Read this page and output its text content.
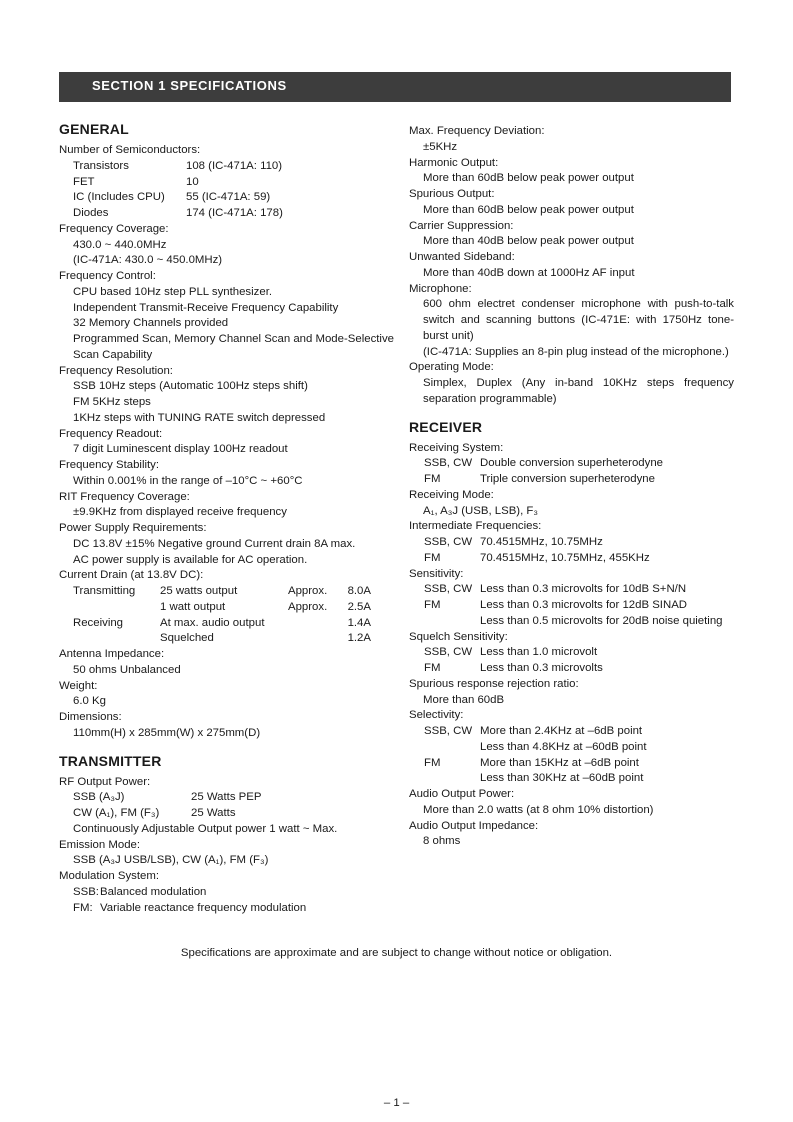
SECTION 1 SPECIFICATIONS
GENERAL
Number of Semiconductors:
Transistors	108 (IC-471A: 110)
FET	10
IC (Includes CPU)	55 (IC-471A: 59)
Diodes	174 (IC-471A: 178)
Frequency Coverage:
430.0 ~ 440.0MHz
(IC-471A: 430.0 ~ 450.0MHz)
Frequency Control:
CPU based 10Hz step PLL synthesizer.
Independent Transmit-Receive Frequency Capability
32 Memory Channels provided
Programmed Scan, Memory Channel Scan and Mode-Selective Scan Capability
Frequency Resolution:
SSB 10Hz steps (Automatic 100Hz steps shift)
FM 5KHz steps
1KHz steps with TUNING RATE switch depressed
Frequency Readout:
7 digit Luminescent display 100Hz readout
Frequency Stability:
Within 0.001% in the range of –10°C ~ +60°C
RIT Frequency Coverage:
±9.9KHz from displayed receive frequency
Power Supply Requirements:
DC 13.8V ±15% Negative ground Current drain 8A max.
AC power supply is available for AC operation.
Current Drain (at 13.8V DC):
Transmitting	25 watts output	Approx.	8.0A
1 watt output	Approx.	2.5A
Receiving	At max. audio output	1.4A
Squelched	1.2A
Antenna Impedance:
50 ohms Unbalanced
Weight:
6.0 Kg
Dimensions:
110mm(H) x 285mm(W) x 275mm(D)
TRANSMITTER
RF Output Power:
SSB (A₃J)	25 Watts PEP
CW (A₁), FM (F₃)	25 Watts
Continuously Adjustable Output power 1 watt ~ Max.
Emission Mode:
SSB (A₃J USB/LSB), CW (A₁), FM (F₃)
Modulation System:
SSB: Balanced modulation
FM: Variable reactance frequency modulation
Max. Frequency Deviation:
±5KHz
Harmonic Output:
More than 60dB below peak power output
Spurious Output:
More than 60dB below peak power output
Carrier Suppression:
More than 40dB below peak power output
Unwanted Sideband:
More than 40dB down at 1000Hz AF input
Microphone:
600 ohm electret condenser microphone with push-to-talk switch and scanning buttons (IC-471E: with 1750Hz tone-burst unit)
(IC-471A: Supplies an 8-pin plug instead of the microphone.)
Operating Mode:
Simplex, Duplex (Any in-band 10KHz steps frequency separation programmable)
RECEIVER
Receiving System:
SSB, CW Double conversion superheterodyne
FM	Triple conversion superheterodyne
Receiving Mode:
A₁, A₃J (USB, LSB), F₃
Intermediate Frequencies:
SSB, CW 70.4515MHz, 10.75MHz
FM	70.4515MHz, 10.75MHz, 455KHz
Sensitivity:
SSB, CW Less than 0.3 microvolts for 10dB S+N/N
FM	Less than 0.3 microvolts for 12dB SINAD
Less than 0.5 microvolts for 20dB noise quieting
Squelch Sensitivity:
SSB, CW Less than 1.0 microvolt
FM	Less than 0.3 microvolts
Spurious response rejection ratio:
More than 60dB
Selectivity:
SSB, CW More than 2.4KHz at –6dB point
Less than 4.8KHz at –60dB point
FM	More than 15KHz at –6dB point
Less than 30KHz at –60dB point
Audio Output Power:
More than 2.0 watts (at 8 ohm 10% distortion)
Audio Output Impedance:
8 ohms
Specifications are approximate and are subject to change without notice or obligation.
– 1 –
